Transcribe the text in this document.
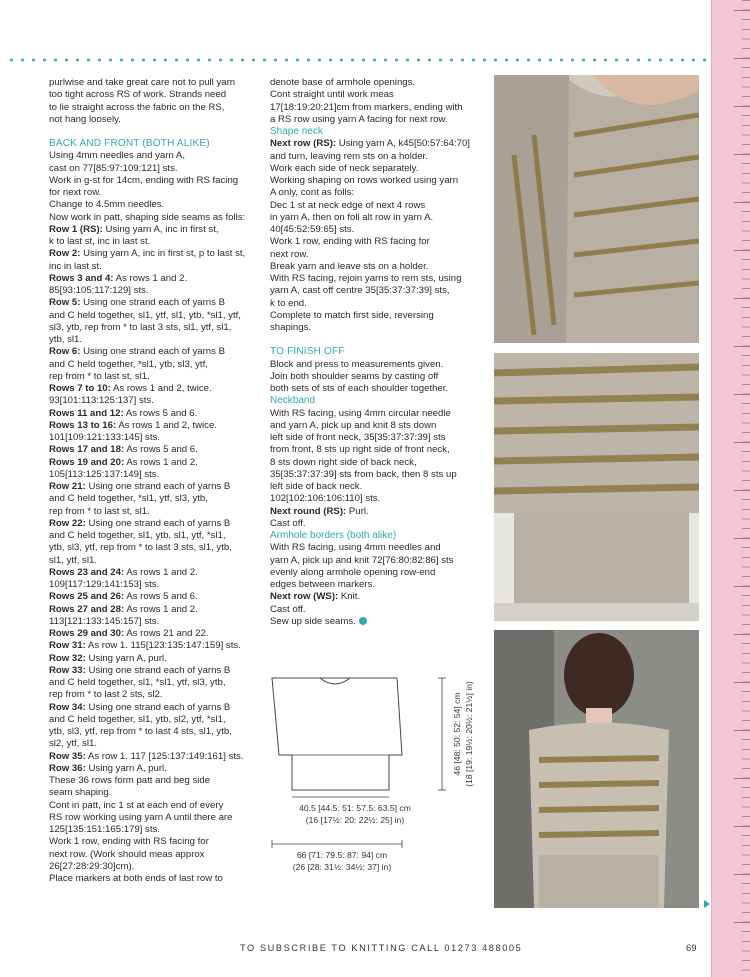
purlwise and take great care not to pull yarn

too tight across RS of work. Strands need

to lie straight across the fabric on the RS,

not hang loosely.

BACK AND FRONT (BOTH ALIKE)

Using 4mm needles and yarn A,

cast on 77[85:97:109:121] sts.

Work in g-st for 14cm, ending with RS facing

for next row.

Change to 4.5mm needles.

Now work in patt, shaping side seams as folls:

Row 1 (RS): Using yarn A, inc in first st,

k to last st, inc in last st.

Row 2: Using yarn A, inc in first st, p to last st,

inc in last st.

Rows 3 and 4: As rows 1 and 2.

85[93:105:117:129] sts.

Row 5: Using one strand each of yarns B

and C held together, sl1, ytf, sl1, ytb, *sl1, ytf,

sl3, ytb, rep from * to last 3 sts, sl1, ytf, sl1,

ytb, sl1.

Row 6: Using one strand each of yarns B

and C held together, *sl1, ytb, sl3, ytf,

rep from * to last st, sl1.

Rows 7 to 10: As rows 1 and 2, twice.

93[101:113:125:137] sts.

Rows 11 and 12: As rows 5 and 6.

Rows 13 to 16: As rows 1 and 2, twice.

101[109:121:133:145] sts.

Rows 17 and 18: As rows 5 and 6.

Rows 19 and 20: As rows 1 and 2.

105[113:125:137:149] sts.

Row 21: Using one strand each of yarns B

and C held together, *sl1, ytf, sl3, ytb,

rep from * to last st, sl1.

Row 22: Using one strand each of yarns B

and C held together, sl1, ytb, sl1, ytf, *sl1,

ytb, sl3, ytf, rep from * to last 3 sts, sl1, ytb,

sl1, ytf, sl1.

Rows 23 and 24: As rows 1 and 2.

109[117:129:141:153] sts.

Rows 25 and 26: As rows 5 and 6.

Rows 27 and 28: As rows 1 and 2.

113[121:133:145:157] sts.

Rows 29 and 30: As rows 21 and 22.

Row 31: As row 1. 115[123:135:147:159] sts.

Row 32: Using yarn A, purl.

Row 33: Using one strand each of yarns B

and C held together, sl1, *sl1, ytf, sl3, ytb,

rep from * to last 2 sts, sl2.

Row 34: Using one strand each of yarns B

and C held together, sl1, ytb, sl2, ytf, *sl1,

ytb, sl3, ytf, rep from * to last 4 sts, sl1, ytb,

sl2, ytf, sl1.

Row 35: As row 1. 117 [125:137:149:161] sts.

Row 36: Using yarn A, purl.

These 36 rows form patt and beg side

seam shaping.

Cont in patt, inc 1 st at each end of every

RS row working using yarn A until there are

125[135:151:165:179] sts.

Work 1 row, ending with RS facing for

next row. (Work should meas approx

26[27:28:29:30]cm).

Place markers at both ends of last row to

denote base of armhole openings.

Cont straight until work meas

17[18:19:20:21]cm from markers, ending with

a RS row using yarn A facing for next row.

Shape neck

Next row (RS): Using yarn A, k45[50:57:64:70]

and turn, leaving rem sts on a holder.

Work each side of neck separately.

Working shaping on rows worked using yarn

A only, cont as folls:

Dec 1 st at neck edge of next 4 rows

in yarn A, then on foll alt row in yarn A.

40[45:52:59:65] sts.

Work 1 row, ending with RS facing for

next row.

Break yarn and leave sts on a holder.

With RS facing, rejoin yarns to rem sts, using

yarn A, cast off centre 35[35:37:37:39] sts,

k to end.

Complete to match first side, reversing

shapings.

TO FINISH OFF

Block and press to measurements given.

Join both shoulder seams by casting off

both sets of sts of each shoulder together.

Neckband

With RS facing, using 4mm circular needle

and yarn A, pick up and knit 8 sts down

left side of front neck, 35[35:37:37:39] sts

from front, 8 sts up right side of front neck,

8 sts down right side of back neck,

35[35:37:37:39] sts from back, then 8 sts up

left side of back neck.

102[102:106:106:110] sts.

Next round (RS): Purl.

Cast off.

Armhole borders (both alike)

With RS facing, using 4mm needles and

yarn A, pick up and knit 72[76:80:82:86] sts

evenly along armhole opening row-end

edges between markers.

Next row (WS): Knit.

Cast off.

Sew up side seams.

46 [48: 50: 52: 54] cm (18 [19: 19½: 20½: 21½] in)
40.5 [44.5: 51: 57.5: 63.5] cm
(16 [17½: 20: 22½: 25] in)
66 [71: 79.5: 87: 94] cm
(26 [28: 31½: 34½: 37] in)
TO SUBSCRIBE TO KNITTING CALL 01273 488005	69
